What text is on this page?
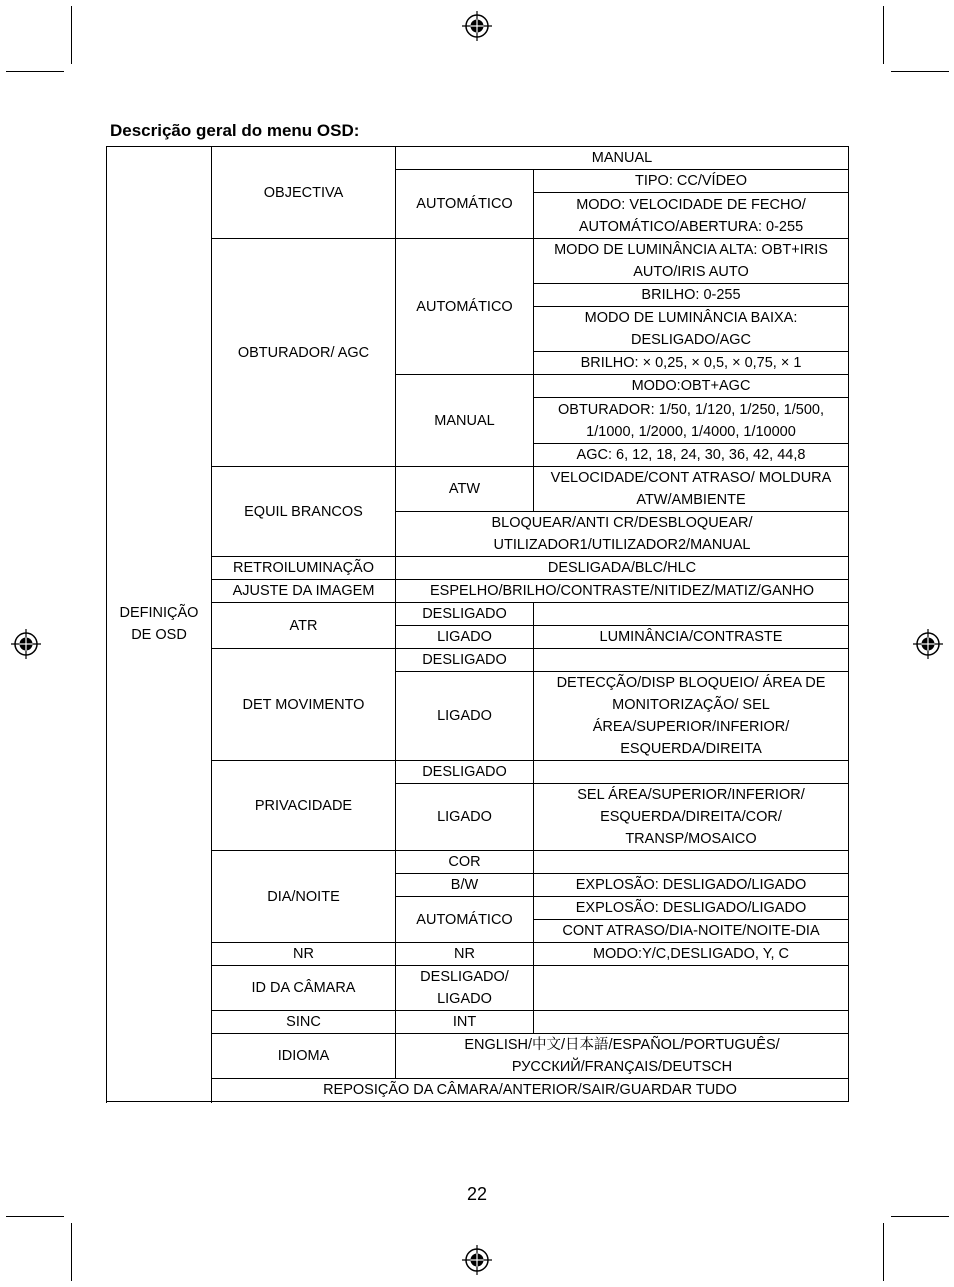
Descrição geral do menu OSD:
DEFINIÇÃO DE OSD	OBJECTIVA	MANUAL	
		AUTOMÁTICO	TIPO: CC/VÍDEO
			MODO: VELOCIDADE DE FECHO/ AUTOMÁTICO/ABERTURA: 0-255

	OBTURADOR/ AGC	AUTOMÁTICO	MODO DE LUMINÂNCIA ALTA: OBT+IRIS AUTO/IRIS AUTO
			BRILHO: 0-255
			MODO DE LUMINÂNCIA BAIXA: DESLIGADO/AGC
			BRILHO: × 0,25, × 0,5, × 0,75, × 1
		MANUAL	MODO:OBT+AGC
			OBTURADOR: 1/50, 1/120, 1/250, 1/500, 1/1000, 1/2000, 1/4000, 1/10000

			AGC: 6, 12, 18, 24, 30, 36, 42, 44,8
	EQUIL BRANCOS	ATW	VELOCIDADE/CONT ATRASO/ MOLDURA ATW/AMBIENTE
		BLOQUEAR/ANTI CR/DESBLOQUEAR/ UTILIZADOR1/UTILIZADOR2/MANUAL	
	RETROILUMINAÇÃO	DESLIGADA/BLC/HLC	
	AJUSTE DA IMAGEM	ESPELHO/BRILHO/CONTRASTE/NITIDEZ/MATIZ/GANHO	
	ATR	DESLIGADO	
		LIGADO	LUMINÂNCIA/CONTRASTE
	DET MOVIMENTO	DESLIGADO	
		LIGADO	DETECÇÃO/DISP BLOQUEIO/ ÁREA DE MONITORIZAÇÃO/ SEL ÁREA/SUPERIOR/INFERIOR/ ESQUERDA/DIREITA
	PRIVACIDADE	DESLIGADO	
		LIGADO	SEL ÁREA/SUPERIOR/INFERIOR/ ESQUERDA/DIREITA/COR/ TRANSP/MOSAICO
	DIA/NOITE	COR	
		B/W	EXPLOSÃO: DESLIGADO/LIGADO
		AUTOMÁTICO	EXPLOSÃO: DESLIGADO/LIGADO
			CONT ATRASO/DIA-NOITE/NOITE-DIA
	NR	NR	MODO:Y/C,DESLIGADO, Y, C
	ID DA CÂMARA	DESLIGADO/ LIGADO	
	SINC	INT	
	IDIOMA	ENGLISH/中文/日本語/ESPAÑOL/PORTUGUÊS/ РУССКИЙ/FRANÇAIS/DEUTSCH	
	REPOSIÇÃO DA CÂMARA/ANTERIOR/SAIR/GUARDAR TUDO		

22
